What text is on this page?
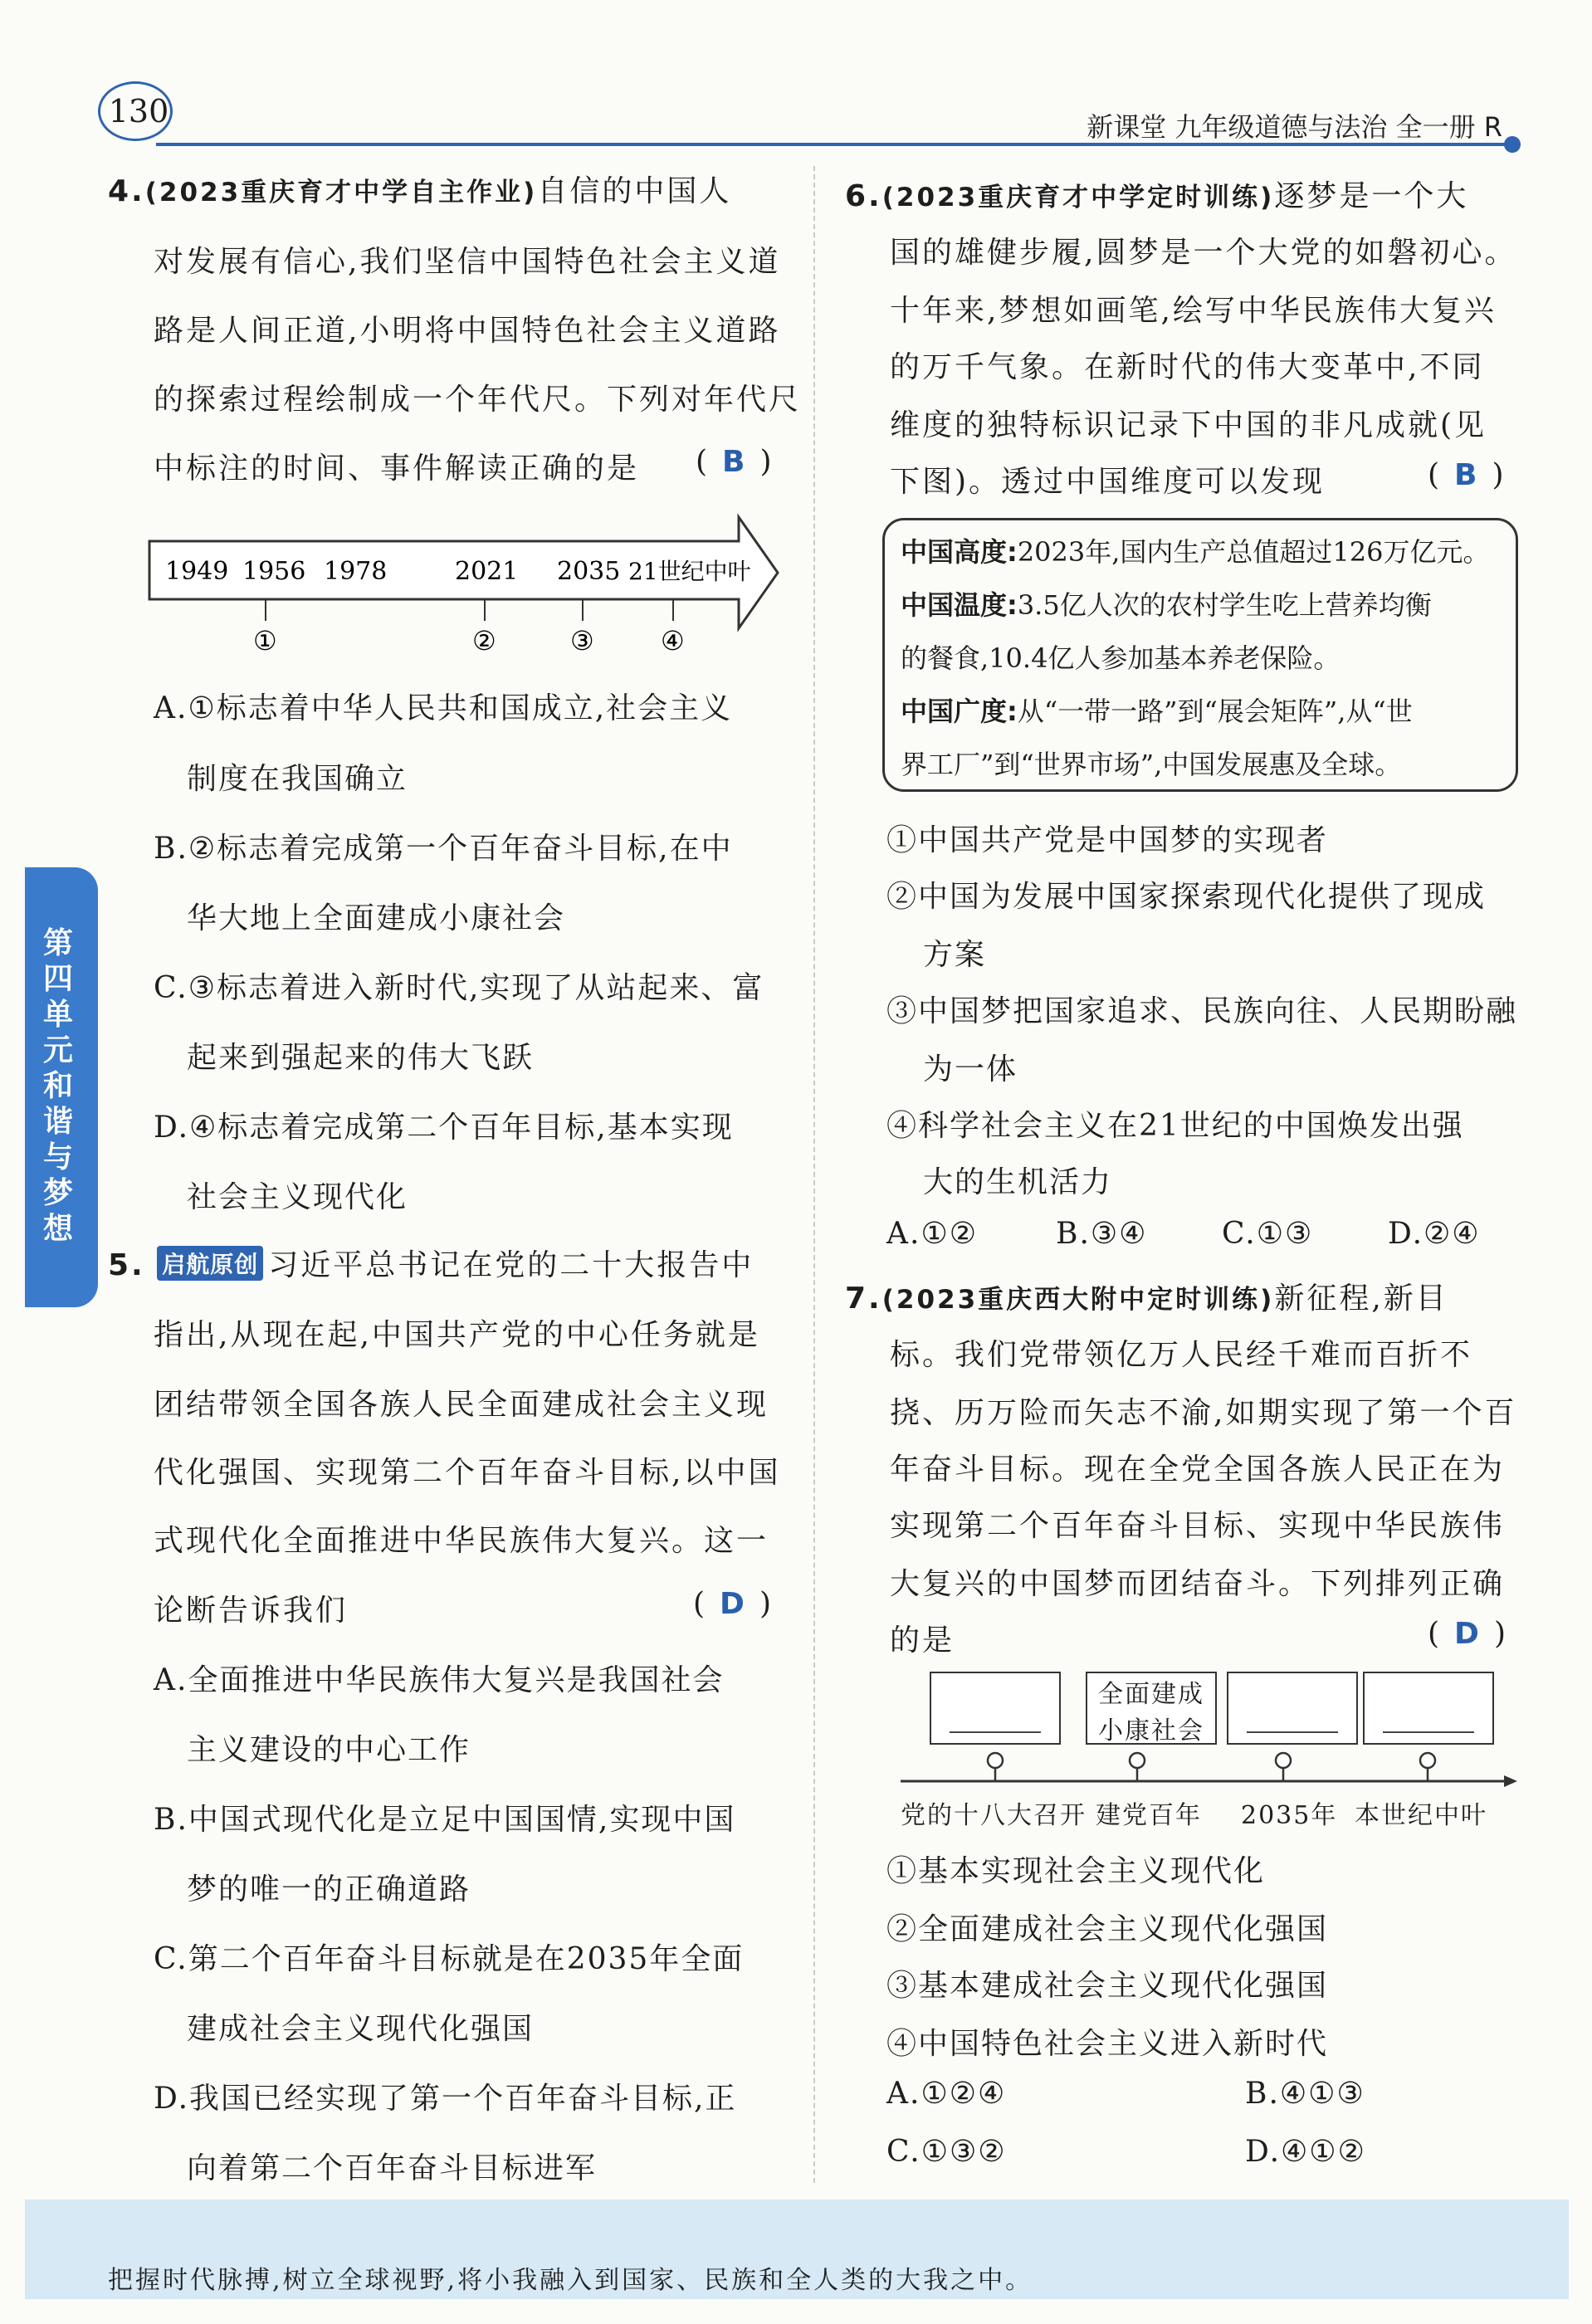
130	新课堂 九年级道德与法治 全一册 R
第四单元 和谐与梦想
4.(2023重庆育才中学自主作业)自信的中国人
对发展有信心,我们坚信中国特色社会主义道
路是人间正道,小明将中国特色社会主义道路
的探索过程绘制成一个年代尺。下列对年代尺
中标注的时间、事件解读正确的是 ( B )
1949 1956 1978	2021 2035 21世纪中叶
①	②	③	④
A.①标志着中华人民共和国成立,社会主义
制度在我国确立
B.②标志着完成第一个百年奋斗目标,在中
华大地上全面建成小康社会
C.③标志着进入新时代,实现了从站起来、富
起来到强起来的伟大飞跃
D.④标志着完成第二个百年目标,基本实现
社会主义现代化
5. 启航原创 习近平总书记在党的二十大报告中
指出,从现在起,中国共产党的中心任务就是
团结带领全国各族人民全面建成社会主义现
代化强国、实现第二个百年奋斗目标,以中国
式现代化全面推进中华民族伟大复兴。这一
论断告诉我们	( D )
A.全面推进中华民族伟大复兴是我国社会
主义建设的中心工作
B.中国式现代化是立足中国国情,实现中国
梦的唯一的正确道路
C.第二个百年奋斗目标就是在2035年全面
建成社会主义现代化强国
D.我国已经实现了第一个百年奋斗目标,正
向着第二个百年奋斗目标进军
6.(2023重庆育才中学定时训练)逐梦是一个大
国的雄健步履,圆梦是一个大党的如磐初心。
十年来,梦想如画笔,绘写中华民族伟大复兴
的万千气象。在新时代的伟大变革中,不同
维度的独特标识记录下中国的非凡成就(见
下图)。透过中国维度可以发现	( B )
中国高度:2023年,国内生产总值超过126万亿元。
中国温度:3.5亿人次的农村学生吃上营养均衡
的餐食,10.4亿人参加基本养老保险。
中国广度:从“一带一路”到“展会矩阵”,从“世
界工厂”到“世界市场”,中国发展惠及全球。
①中国共产党是中国梦的实现者
②中国为发展中国家探索现代化提供了现成
方案
③中国梦把国家追求、民族向往、人民期盼融
为一体
④科学社会主义在21世纪的中国焕发出强
大的生机活力
A.①②	B.③④ C.①③ D.②④
7.(2023重庆西大附中定时训练)新征程,新目
标。我们党带领亿万人民经千难而百折不
挠、历万险而矢志不渝,如期实现了第一个百
年奋斗目标。现在全党全国各族人民正在为
实现第二个百年奋斗目标、实现中华民族伟
大复兴的中国梦而团结奋斗。下列排列正确
的是	( D )
全面建成
小康社会
党的十八大召开 建党百年 2035年 本世纪中叶
①基本实现社会主义现代化
②全面建成社会主义现代化强国
③基本建成社会主义现代化强国
④中国特色社会主义进入新时代
A.①②④	B.④①③
C.①③②	D.④①②
把握时代脉搏,树立全球视野,将小我融入到国家、民族和全人类的大我之中。
